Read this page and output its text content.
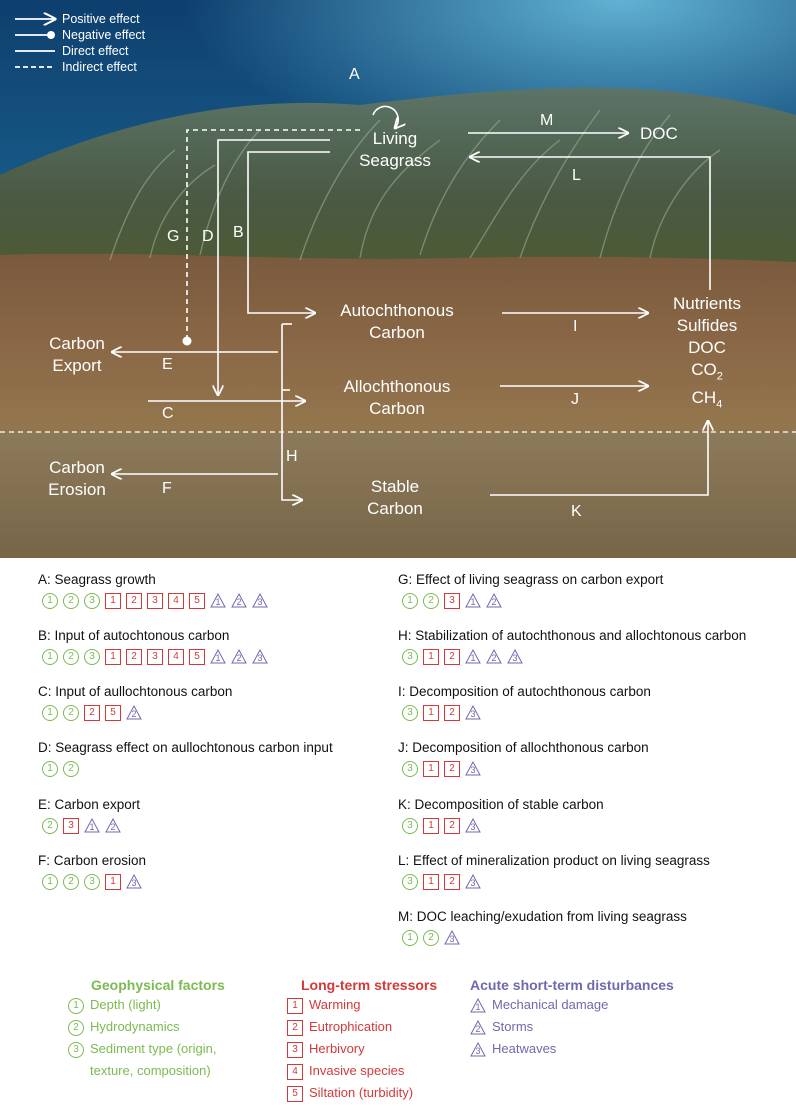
Positive effect
Negative effect
Direct effect
Indirect effect
Living
Seagrass
DOC
Autochthonous
Carbon
Allochthonous
Carbon
Stable
Carbon
Carbon
Export
Carbon
Erosion
Nutrients
Sulfides
DOC
$CO_2$
$CH_4$
A
B
C
D
E
F
G
H
I
J
K
L
M
A: Seagrass growth
1 2 3 1 2 3 4 5 1 2 3
B: Input of autochtonous carbon
1 2 3 1 2 3 4 5 1 2 3
C: Input of aullochtonous carbon
1 2 2 5 2
D: Seagrass effect on aullochtonous carbon input
1 2
E: Carbon export
2 3 1 2
F: Carbon erosion
1 2 3 1 3
G: Effect of living seagrass on carbon export
1 2 3 1 2
H: Stabilization of autochthonous and allochtonous carbon
3 1 2 1 2 3
I: Decomposition of autochthonous carbon
3 1 2 3
J: Decomposition of allochthonous carbon
3 1 2 3
K: Decomposition of stable carbon
3 1 2 3
L: Effect of mineralization product on living seagrass
3 1 2 3
M: DOC leaching/exudation from living seagrass
1 2 3
Geophysical factors
1 Depth (light)
2 Hydrodynamics
3 Sediment type (origin,
texture, composition)
Long-term stressors
1 Warming
2 Eutrophication
3 Herbivory
4 Invasive species
5 Siltation (turbidity)
Acute short-term disturbances
1 Mechanical damage
2 Storms
3 Heatwaves
